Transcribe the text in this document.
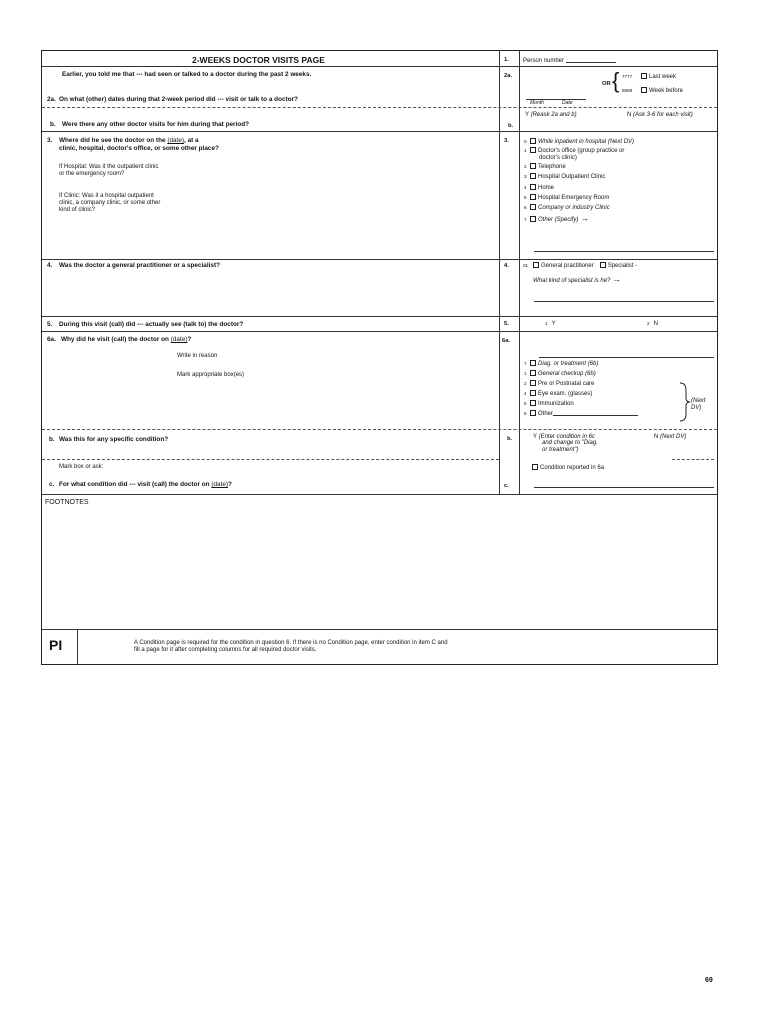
2-WEEKS DOCTOR VISITS PAGE	1. Person number
Earlier, you told me that --- had seen or talked to a doctor during the past 2 weeks.
2a. On what (other) dates during that 2-week period did --- visit or talk to a doctor?
2a.
OR { 7777	Last week
8888	Week before
Month	Date
b. Were there any other doctor visits for him during that period?	b.
Y (Reask 2a and b)	N (Ask 3-6 for each visit)
3. Where did he see the doctor on the (date), at a
clinic, hospital, doctor's office, or some other place?
If Hospital: Was it the outpatient clinic
or the emergency room?
If Clinic: Was it a hospital outpatient
clinic, a company clinic, or some other
kind of clinic?
3.	0 While inpatient in hospital (Next DV)
1 Doctor's office (group practice or
doctor's clinic)
2 Telephone
3 Hospital Outpatient Clinic
4 Home
5 Hospital Emergency Room
6 Company or industry Clinic
7 Other (Specify) →
4. Was the doctor a general practitioner or a specialist?	4.	01 General practitioner Specialist -
What kind of specialist is he? →
5. During this visit (call) did --- actually see (talk to) the doctor?	5.	1 Y	2 N
6a. Why did he visit (call) the doctor on (date)?
Write in reason
Mark appropriate box(es)
6a.
7 Diag. or treatment (6b)
1 General checkup (6b)
2 Pre or Postnatal care
4 Eye exam. (glasses)
5 Immunization
6 Other
(Next DV)
b. Was this for any specific condition?	b.	Y (Enter condition in 6c
and change to "Diag.
or treatment")
N (Next DV)
Mark box or ask:	Condition reported in 6a
c. For what condition did --- visit (call) the doctor on (date)?	c.
FOOTNOTES
PI	A Condition page is required for the condition in question 6. If there is no Condition page, enter condition in item C and
fill a page for it after completing columns for all required doctor visits.
69
